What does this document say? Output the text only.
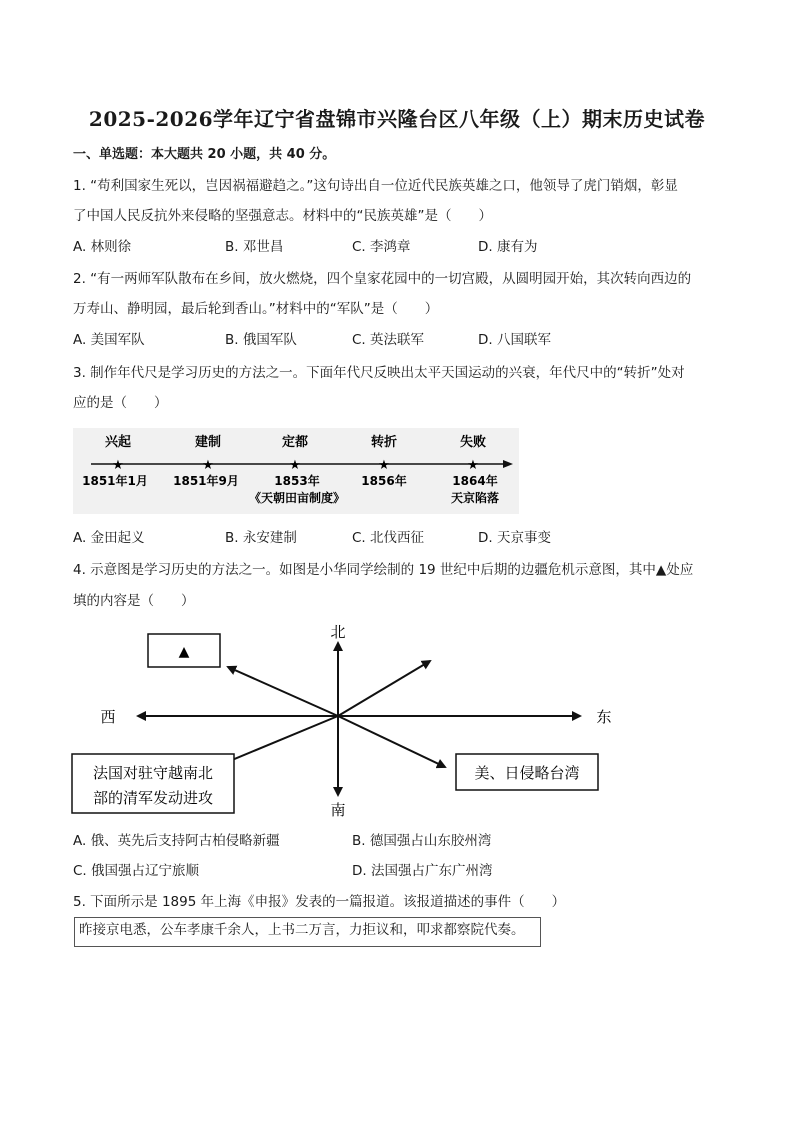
2025-2026学年辽宁省盘锦市兴隆台区八年级（上）期末历史试卷
一、单选题：本大题共 20 小题，共 40 分。
1. “苟利国家生死以，岂因祸福避趋之。”这句诗出自一位近代民族英雄之口，他领导了虎门销烟，彰显
了中国人民反抗外来侵略的坚强意志。材料中的“民族英雄”是（　　）
A. 林则徐	B. 邓世昌	C. 李鸿章	D. 康有为
2. “有一两师军队散布在乡间，放火燃烧，四个皇家花园中的一切宫殿，从圆明园开始，其次转向西边的
万寿山、静明园，最后轮到香山。”材料中的“军队”是（　　）
A. 美国军队	B. 俄国军队	C. 英法联军	D. 八国联军
3. 制作年代尺是学习历史的方法之一。下面年代尺反映出太平天国运动的兴衰，年代尺中的“转折”处对
应的是（　　）
兴起
★
1851年1月
建制
★
1851年9月
定都
★
1853年
《天朝田亩制度》
转折
★
1856年
失败
★
1864年
天京陷落
A. 金田起义	B. 永安建制	C. 北伐西征	D. 天京事变
4. 示意图是学习历史的方法之一。如图是小华同学绘制的 19 世纪中后期的边疆危机示意图，其中▲处应
填的内容是（　　）
北
南
西	东
▲
法国对驻守越南北
部的清军发动进攻
美、日侵略台湾
A. 俄、英先后支持阿古柏侵略新疆	B. 德国强占山东胶州湾
C. 俄国强占辽宁旅顺	D. 法国强占广东广州湾
5. 下面所示是 1895 年上海《申报》发表的一篇报道。该报道描述的事件（　　）
昨接京电悉，公车孝康千余人，上书二万言，力拒议和，叩求都察院代奏。
